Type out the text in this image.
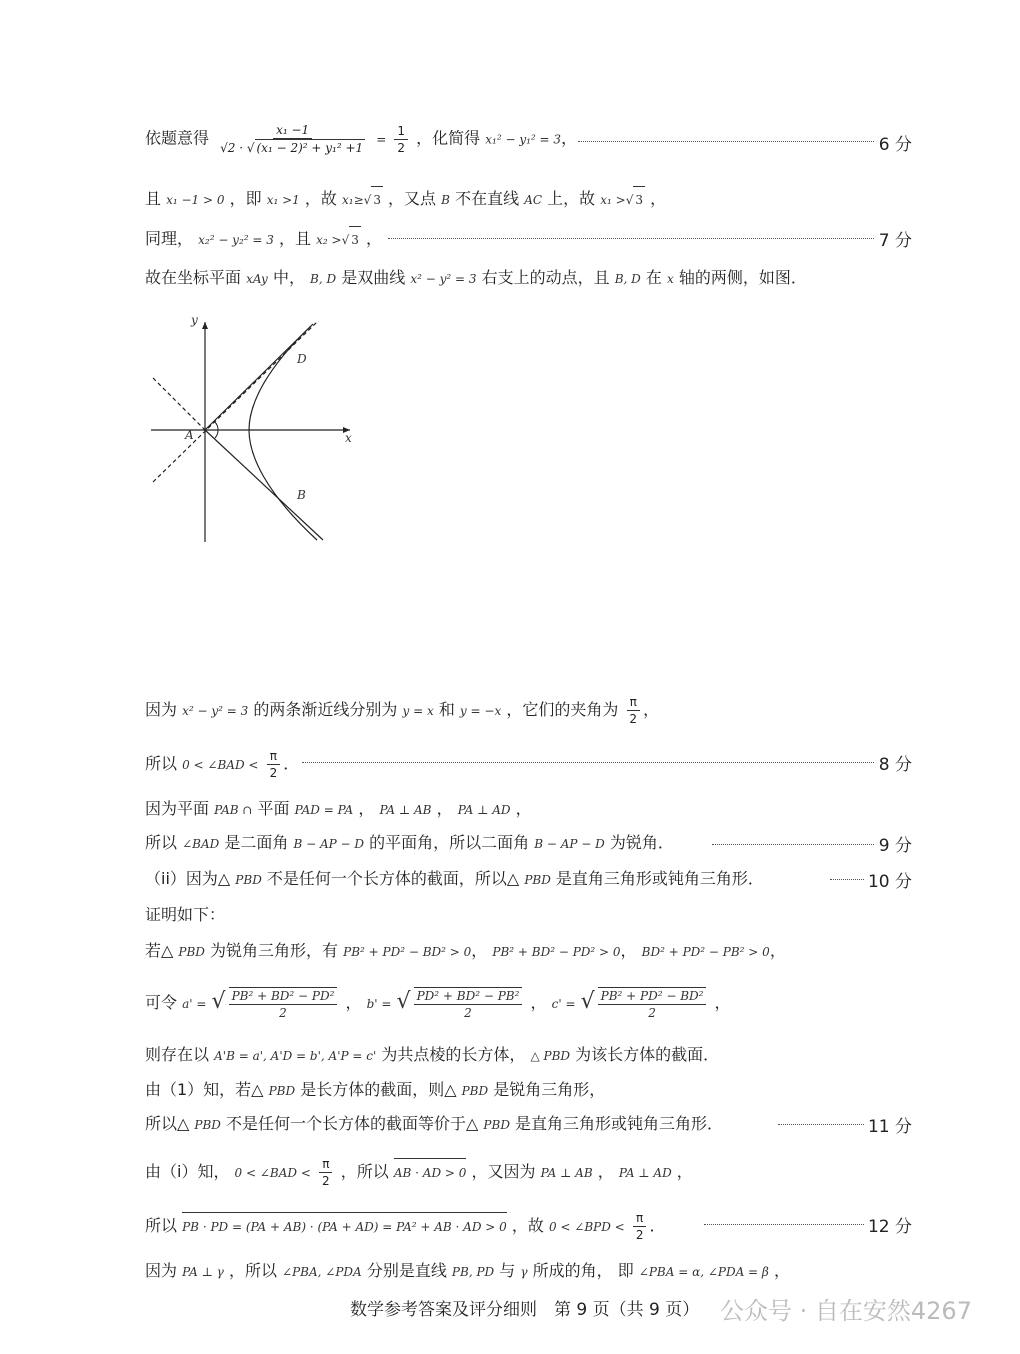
依题意得 $\frac{\text{x₁ −1}}{\text{√2 · √ (x₁ − 2)² + y₁² +1}} = \frac{1}{2}$ ，化简得 x₁² − y₁² = 3，	6 分
且 x₁ −1 > 0 ，即 x₁ >1 ，故 x₁≥√ 3 ，又点 B 不在直线 AC 上，故 x₁ >√ 3 ，
同理， x₂² − y₂² = 3 ，且 x₂ >√ 3 ，	7 分
故在坐标平面 xAy 中， B, D 是双曲线 x² − y² = 3 右支上的动点，且 B, D 在 x 轴的两侧，如图．
y
x
A
D
B
因为 x² − y² = 3 的两条渐近线分别为 y = x 和 y = −x ，它们的夹角为 $\frac{\pi}{2}$ ，
所以 0 < ∠BAD < $\frac{\pi}{2}$ ．	8 分
因为平面 PAB ∩ 平面 PAD = PA ， PA ⊥ AB ， PA ⊥ AD ，
所以 ∠BAD 是二面角 B − AP − D 的平面角，所以二面角 B − AP − D 为锐角．	9 分
（ii）因为△ PBD 不是任何一个长方体的截面，所以△ PBD 是直角三角形或钝角三角形．	10 分
证明如下：
若△ PBD 为锐角三角形，有 PB² + PD² − BD² > 0， PB² + BD² − PD² > 0， BD² + PD² − PB² > 0，
可令 a' = √ $\frac{\text{PB² + BD² − PD²}}{2}$ ， b' = √ $\frac{\text{PD² + BD² − PB²}}{2}$ ， c' = √ $\frac{\text{PB² + PD² − BD²}}{2}$ ，
则存在以 A'B = a', A'D = b', A'P = c' 为共点棱的长方体， △ PBD 为该长方体的截面．
由（1）知，若△ PBD 是长方体的截面，则△ PBD 是锐角三角形，
所以△ PBD 不是任何一个长方体的截面等价于△ PBD 是直角三角形或钝角三角形．	11 分
由（i）知， 0 < ∠BAD < $\frac{\pi}{2}$ ，所以 AB · AD > 0 ，又因为 PA ⊥ AB ， PA ⊥ AD ，
所以 PB · PD = (PA + AB) · (PA + AD) = PA² + AB · AD > 0 ，故 0 < ∠BPD < $\frac{\pi}{2}$ ．	12 分
因为 PA ⊥ γ ，所以 ∠PBA, ∠PDA 分别是直线 PB, PD 与 γ 所成的角， 即 ∠PBA = α, ∠PDA = β ，
数学参考答案及评分细则　第 9 页（共 9 页） 公众号 · 自在安然4267
